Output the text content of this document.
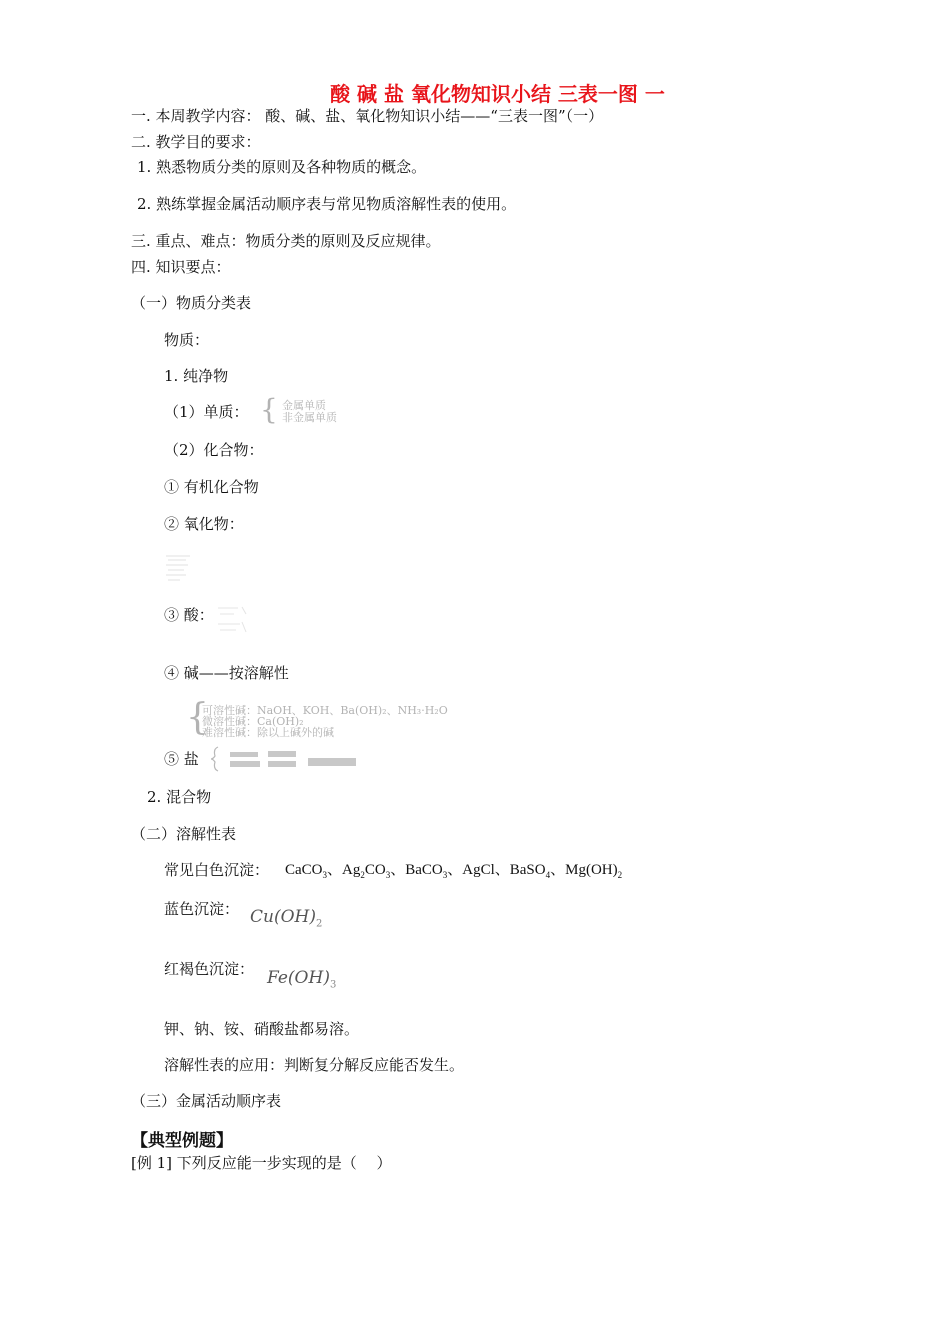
酸 碱 盐 氧化物知识小结 三表一图 一
一. 本周教学内容： 酸、碱、盐、氧化物知识小结——“三表一图”（一）
二. 教学目的要求：
1. 熟悉物质分类的原则及各种物质的概念。
2. 熟练掌握金属活动顺序表与常见物质溶解性表的使用。
三. 重点、难点：物质分类的原则及反应规律。
四. 知识要点：
（一）物质分类表
物质：
1. 纯净物
（1）单质： { 金属单质
非金属单质
（2）化合物：
① 有机化合物
② 氧化物：
③ 酸：
④ 碱——按溶解性
{
可溶性碱：NaOH、KOH、Ba(OH)₂、NH₃·H₂O
微溶性碱：Ca(OH)₂
难溶性碱：除以上碱外的碱
⑤ 盐
2. 混合物
（二）溶解性表
常见白色沉淀： CaCO$_3$、$Ag_2CO_3$、BaCO$_3$、AgCl、BaSO$_4$、$Mg(OH)_2$
蓝色沉淀： $Cu(OH)_2$
红褐色沉淀： $Fe(OH)_3$
钾、钠、铵、硝酸盐都易溶。
溶解性表的应用：判断复分解反应能否发生。
（三）金属活动顺序表
【典型例题】
[例 1] 下列反应能一步实现的是（　 ）
